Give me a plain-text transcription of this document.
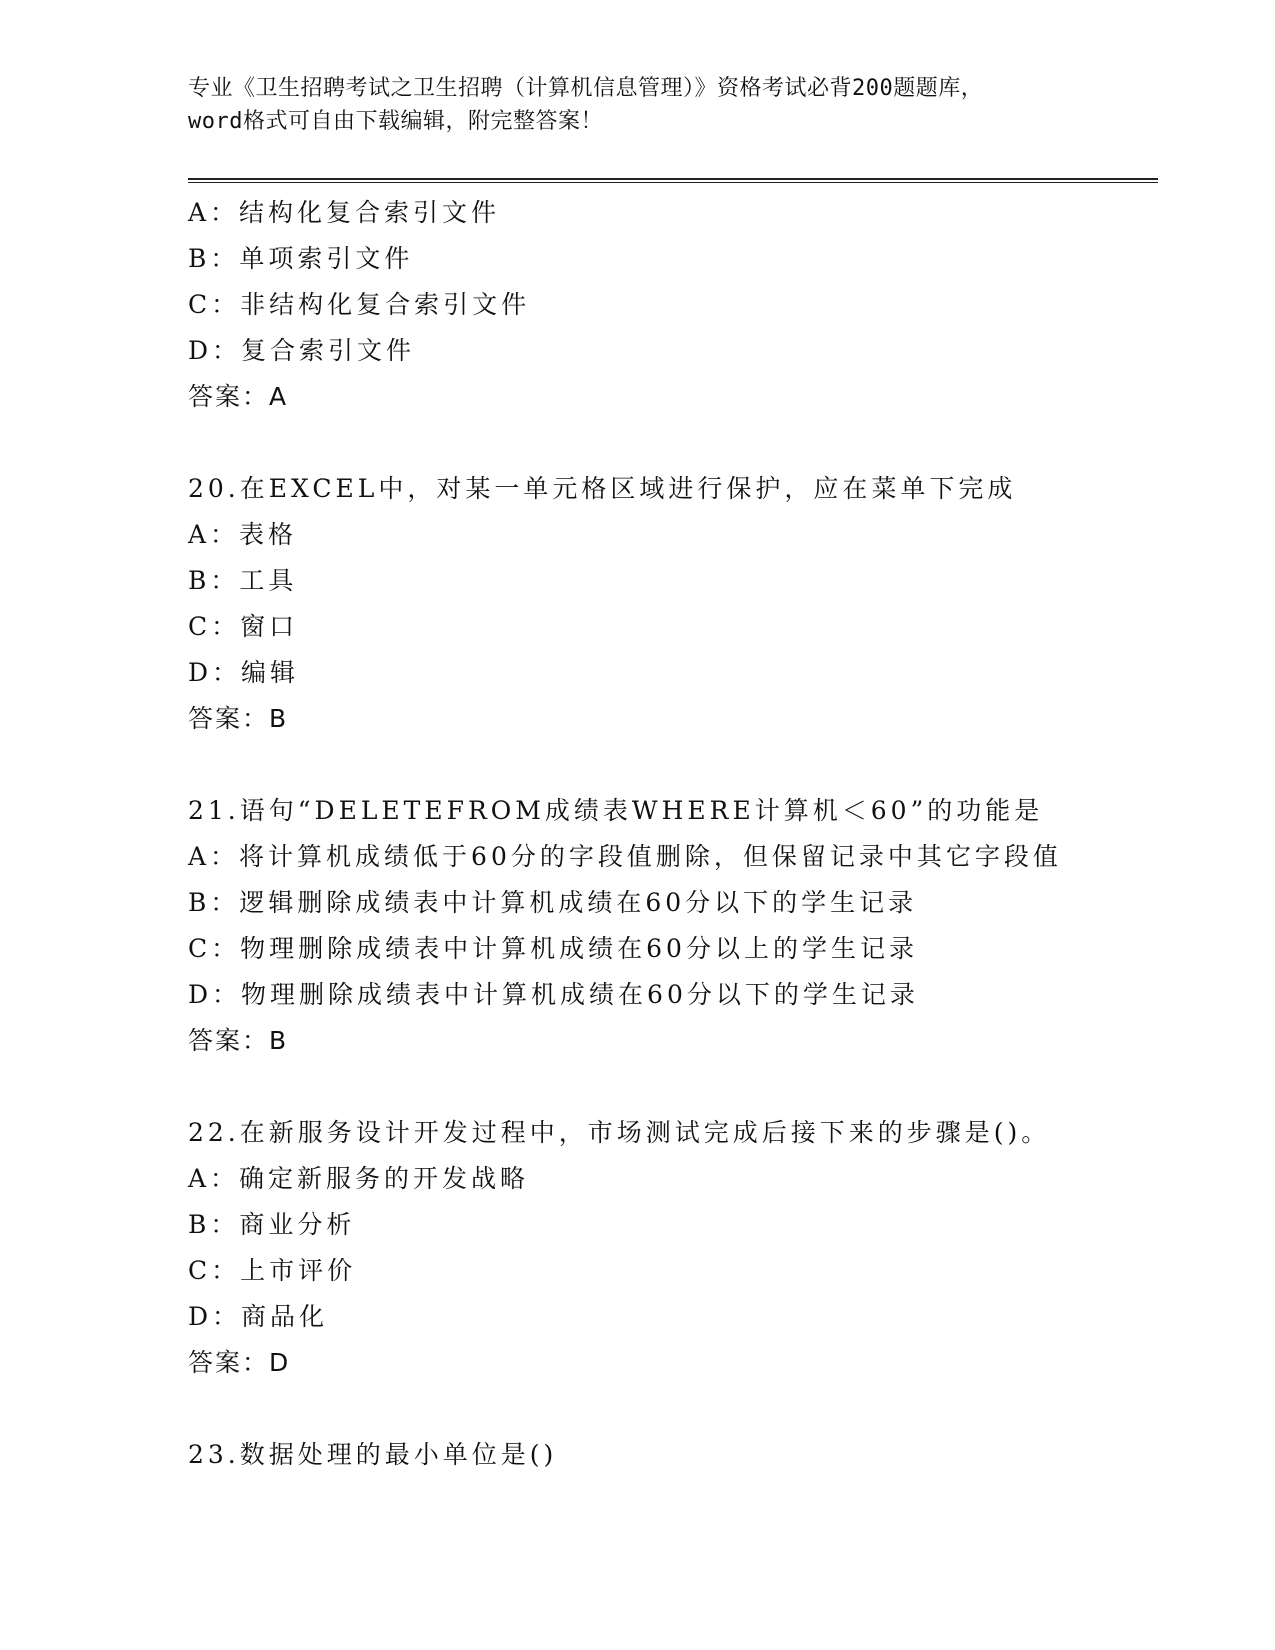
专业《卫生招聘考试之卫生招聘（计算机信息管理）》资格考试必背200题题库，
word格式可自由下载编辑，附完整答案！
A：结构化复合索引文件
B：单项索引文件
C：非结构化复合索引文件
D：复合索引文件
答案：A
20.在EXCEL中，对某一单元格区域进行保护，应在菜单下完成
A：表格
B：工具
C：窗口
D：编辑
答案：B
21.语句“DELETEFROM成绩表WHERE计算机＜60”的功能是
A：将计算机成绩低于60分的字段值删除，但保留记录中其它字段值
B：逻辑删除成绩表中计算机成绩在60分以下的学生记录
C：物理删除成绩表中计算机成绩在60分以上的学生记录
D：物理删除成绩表中计算机成绩在60分以下的学生记录
答案：B
22.在新服务设计开发过程中，市场测试完成后接下来的步骤是()。
A：确定新服务的开发战略
B：商业分析
C：上市评价
D：商品化
答案：D
23.数据处理的最小单位是()
